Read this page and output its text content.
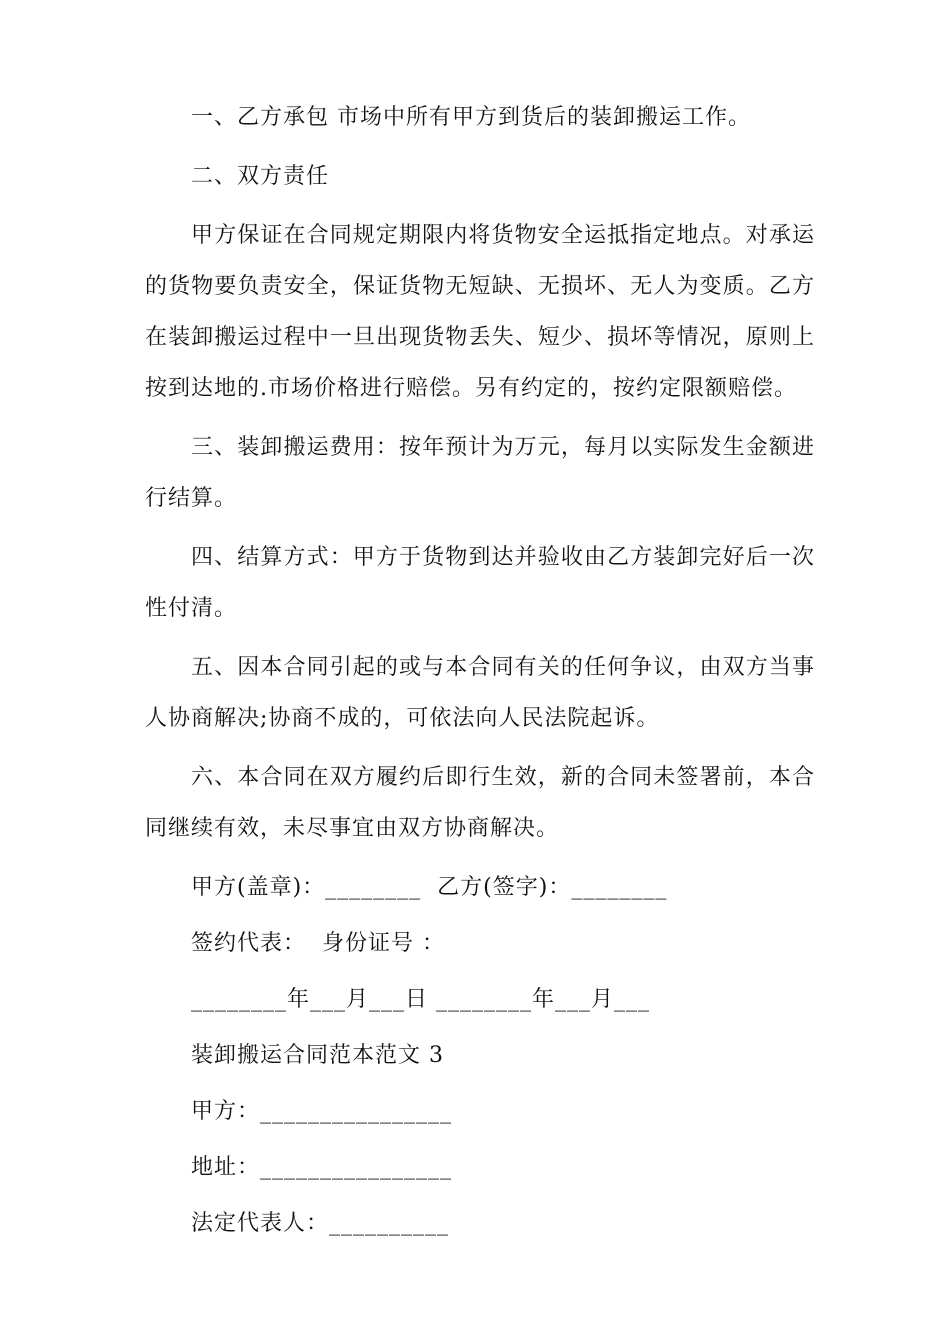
一、乙方承包 市场中所有甲方到货后的装卸搬运工作。

二、双方责任

甲方保证在合同规定期限内将货物安全运抵指定地点。对承运的货物要负责安全，保证货物无短缺、无损坏、无人为变质。乙方在装卸搬运过程中一旦出现货物丢失、短少、损坏等情况，原则上按到达地的.市场价格进行赔偿。另有约定的，按约定限额赔偿。

三、装卸搬运费用：按年预计为万元，每月以实际发生金额进行结算。

四、结算方式：甲方于货物到达并验收由乙方装卸完好后一次性付清。

五、因本合同引起的或与本合同有关的任何争议，由双方当事人协商解决;协商不成的，可依法向人民法院起诉。

六、本合同在双方履约后即行生效，新的合同未签署前，本合同继续有效，未尽事宜由双方协商解决。

甲方(盖章)：________  乙方(签字)：________

签约代表：  身份证号 ：

________年___月___日 ________年___月___

装卸搬运合同范本范文 3

甲方：________________

地址：________________

法定代表人：__________
